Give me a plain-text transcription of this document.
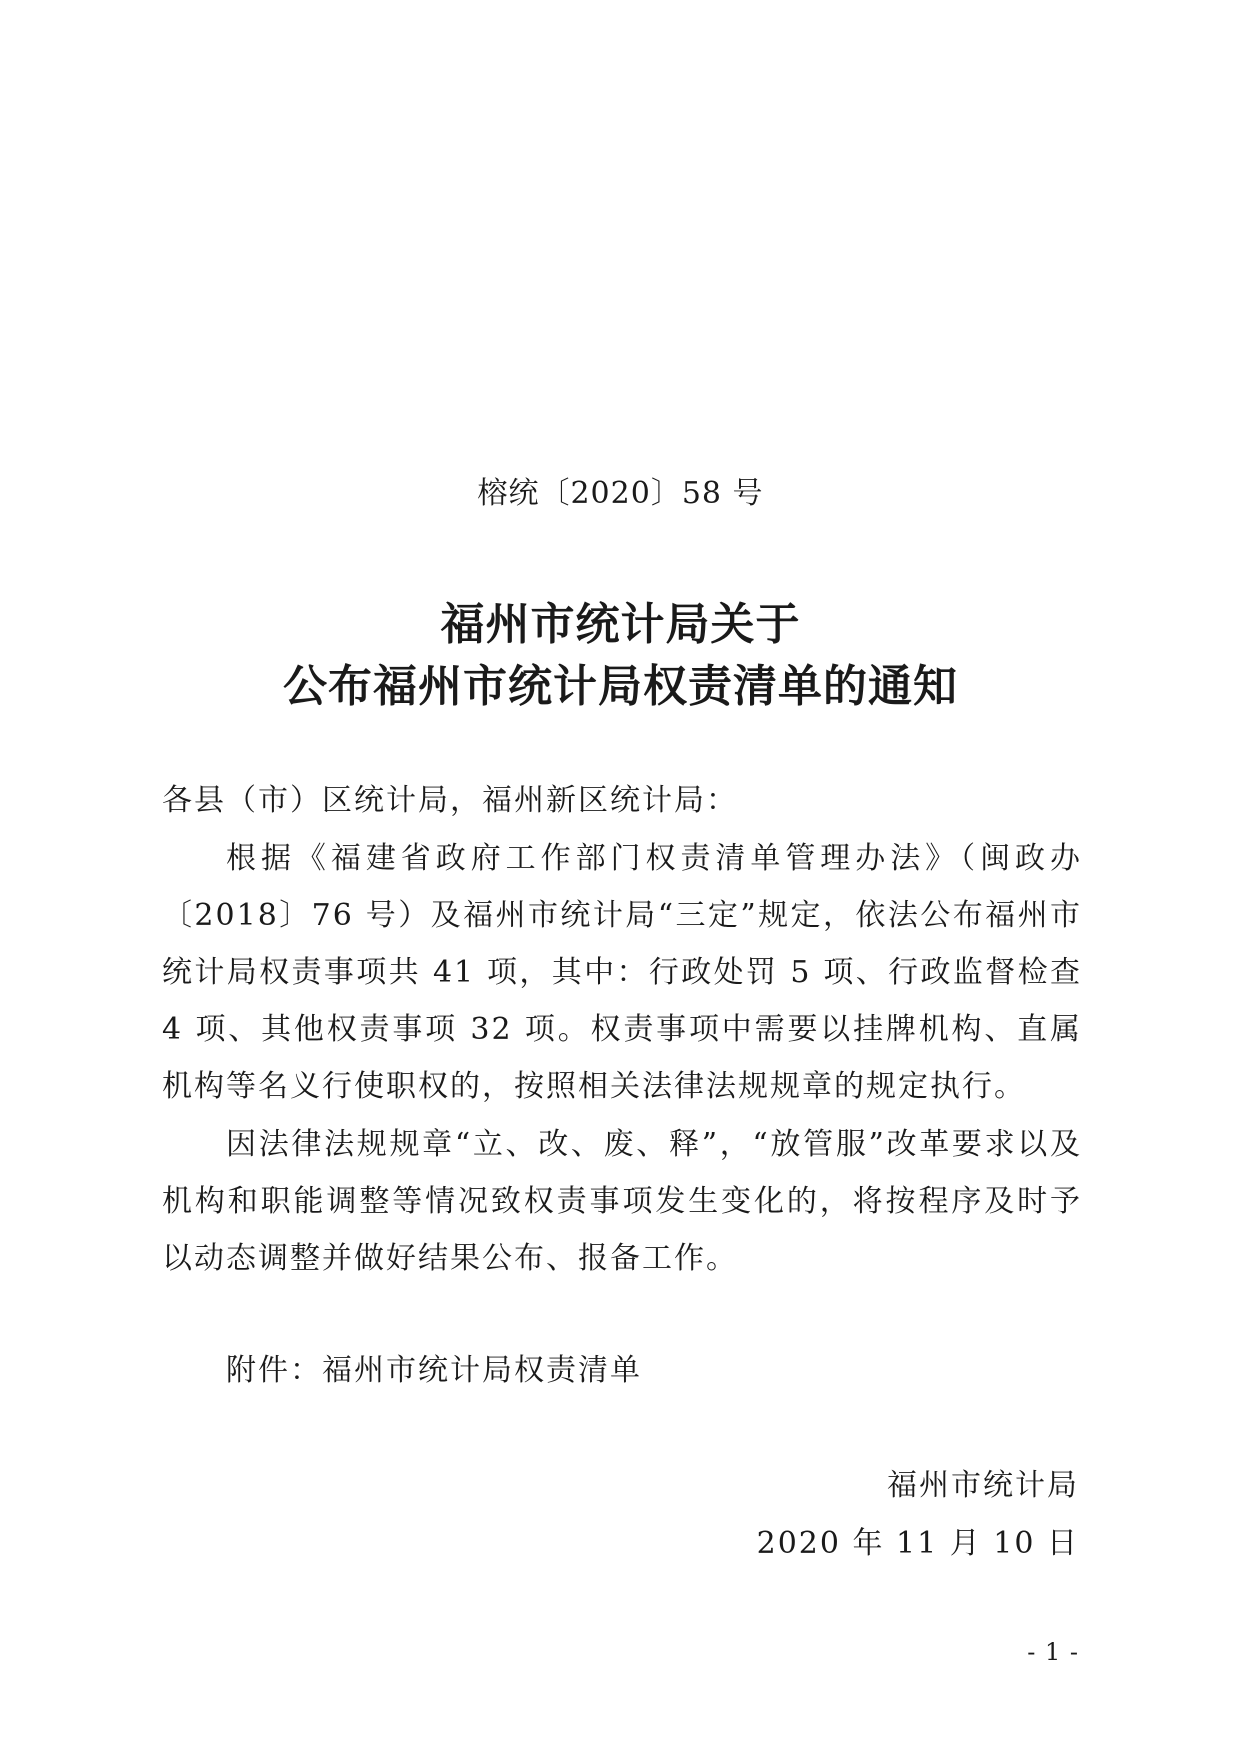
榕统〔2020〕58 号
福州市统计局关于
公布福州市统计局权责清单的通知

各县（市）区统计局，福州新区统计局：

根据《福建省政府工作部门权责清单管理办法》（闽政办〔2018〕76 号）及福州市统计局“三定”规定，依法公布福州市统计局权责事项共 41 项，其中：行政处罚 5 项、行政监督检查 4 项、其他权责事项 32 项。权责事项中需要以挂牌机构、直属机构等名义行使职权的，按照相关法律法规规章的规定执行。

因法律法规规章“立、改、废、释”，“放管服”改革要求以及机构和职能调整等情况致权责事项发生变化的，将按程序及时予以动态调整并做好结果公布、报备工作。

附件：福州市统计局权责清单
福州市统计局
2020 年 11 月 10 日
- 1 -
